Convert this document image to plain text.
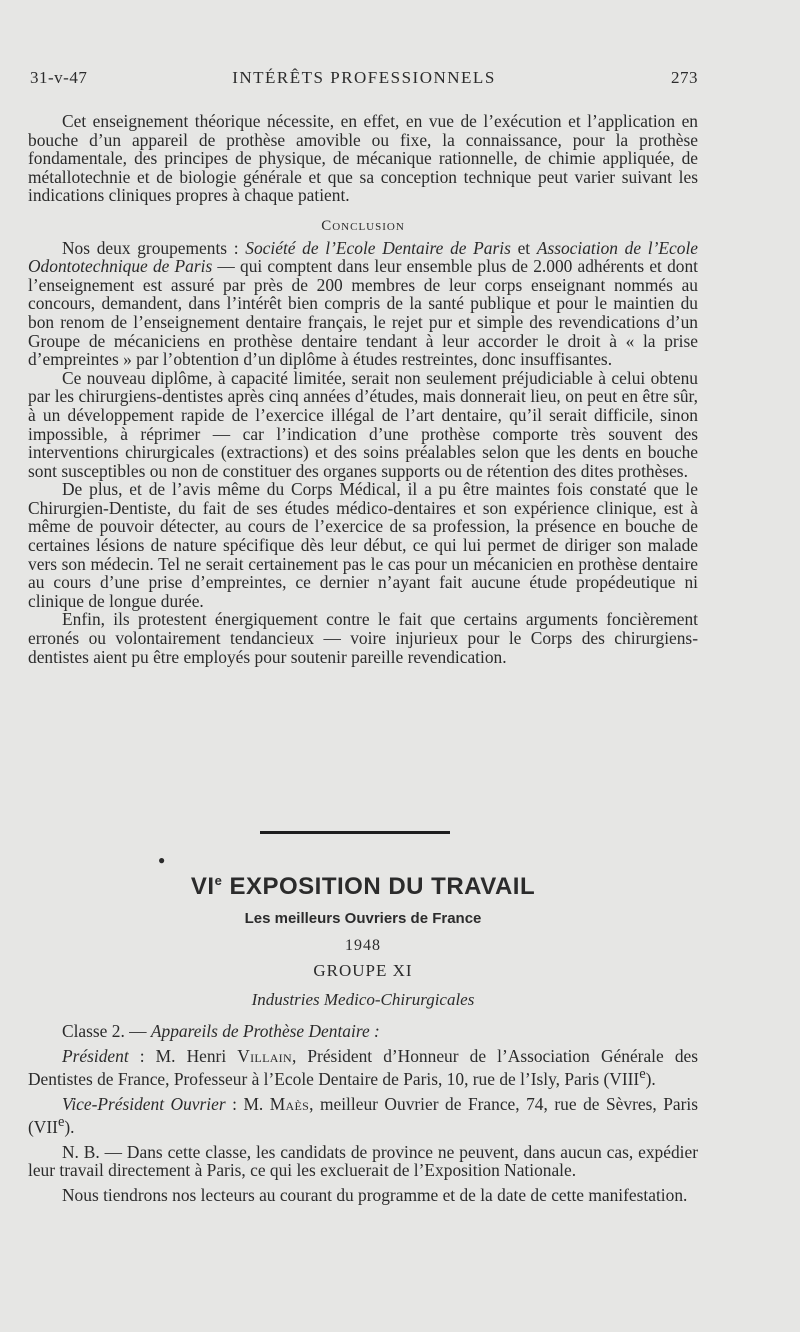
31-v-47	INTÉRÊTS PROFESSIONNELS	273

Cet enseignement théorique nécessite, en effet, en vue de l’exécution et l’application en bouche d’un appareil de prothèse amovible ou fixe, la connaissance, pour la prothèse fondamentale, des principes de physique, de mécanique rationnelle, de chimie appliquée, de métallotechnie et de biologie générale et que sa conception technique peut varier suivant les indications cliniques propres à chaque patient.

Conclusion

Nos deux groupements : Société de l’Ecole Dentaire de Paris et Association de l’Ecole Odontotechnique de Paris — qui comptent dans leur ensemble plus de 2.000 adhérents et dont l’enseignement est assuré par près de 200 membres de leur corps enseignant nommés au concours, demandent, dans l’intérêt bien compris de la santé publique et pour le maintien du bon renom de l’enseignement dentaire français, le rejet pur et simple des revendications d’un Groupe de mécaniciens en prothèse dentaire tendant à leur accorder le droit à « la prise d’empreintes » par l’obtention d’un diplôme à études restreintes, donc insuffisantes.

Ce nouveau diplôme, à capacité limitée, serait non seulement préjudiciable à celui obtenu par les chirurgiens-dentistes après cinq années d’études, mais donnerait lieu, on peut en être sûr, à un développement rapide de l’exercice illégal de l’art dentaire, qu’il serait difficile, sinon impossible, à réprimer — car l’indication d’une prothèse comporte très souvent des interventions chirurgicales (extractions) et des soins préalables selon que les dents en bouche sont susceptibles ou non de constituer des organes supports ou de rétention des dites prothèses.

De plus, et de l’avis même du Corps Médical, il a pu être maintes fois constaté que le Chirurgien-Dentiste, du fait de ses études médico-dentaires et son expérience clinique, est à même de pouvoir détecter, au cours de l’exercice de sa profession, la présence en bouche de certaines lésions de nature spécifique dès leur début, ce qui lui permet de diriger son malade vers son médecin. Tel ne serait certainement pas le cas pour un mécanicien en prothèse dentaire au cours d’une prise d’empreintes, ce dernier n’ayant fait aucune étude propédeutique ni clinique de longue durée.

Enfin, ils protestent énergiquement contre le fait que certains arguments foncièrement erronés ou volontairement tendancieux — voire injurieux pour le Corps des chirurgiens-dentistes aient pu être employés pour soutenir pareille revendication.

●
VIe EXPOSITION DU TRAVAIL
Les meilleurs Ouvriers de France
1948
GROUPE XI
Industries Medico-Chirurgicales

Classe 2. — Appareils de Prothèse Dentaire :

Président : M. Henri Villain, Président d’Honneur de l’Association Générale des Dentistes de France, Professeur à l’Ecole Dentaire de Paris, 10, rue de l’Isly, Paris (VIIIe).

Vice-Président Ouvrier : M. Maès, meilleur Ouvrier de France, 74, rue de Sèvres, Paris (VIIe).

N. B. — Dans cette classe, les candidats de province ne peuvent, dans aucun cas, expédier leur travail directement à Paris, ce qui les excluerait de l’Exposition Nationale.

Nous tiendrons nos lecteurs au courant du programme et de la date de cette manifestation.
